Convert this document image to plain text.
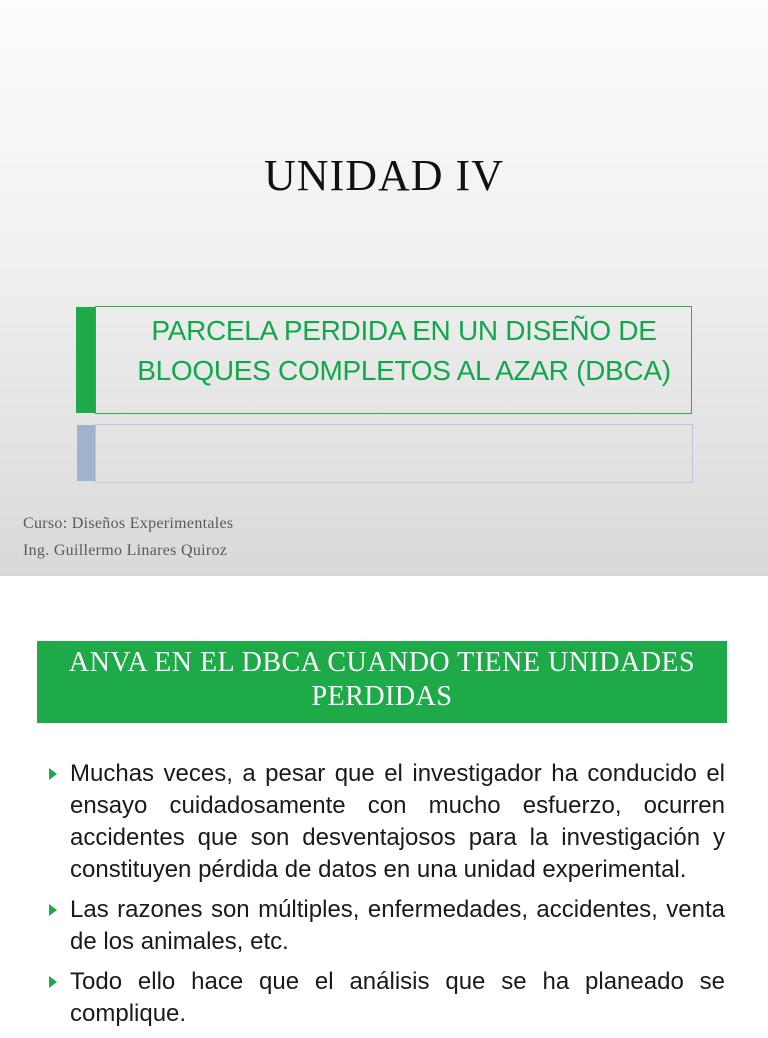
UNIDAD IV
PARCELA PERDIDA EN UN DISEÑO DE BLOQUES COMPLETOS AL AZAR (DBCA)
Curso: Diseños Experimentales
Ing. Guillermo Linares Quiroz
ANVA EN EL DBCA CUANDO TIENE UNIDADES PERDIDAS
Muchas veces, a pesar que el investigador ha conducido el ensayo cuidadosamente con mucho esfuerzo, ocurren accidentes que son desventajosos para la investigación y constituyen pérdida de datos en una unidad experimental.
Las razones son múltiples, enfermedades, accidentes, venta de los animales, etc.
Todo ello hace que el análisis que se ha planeado se complique.
